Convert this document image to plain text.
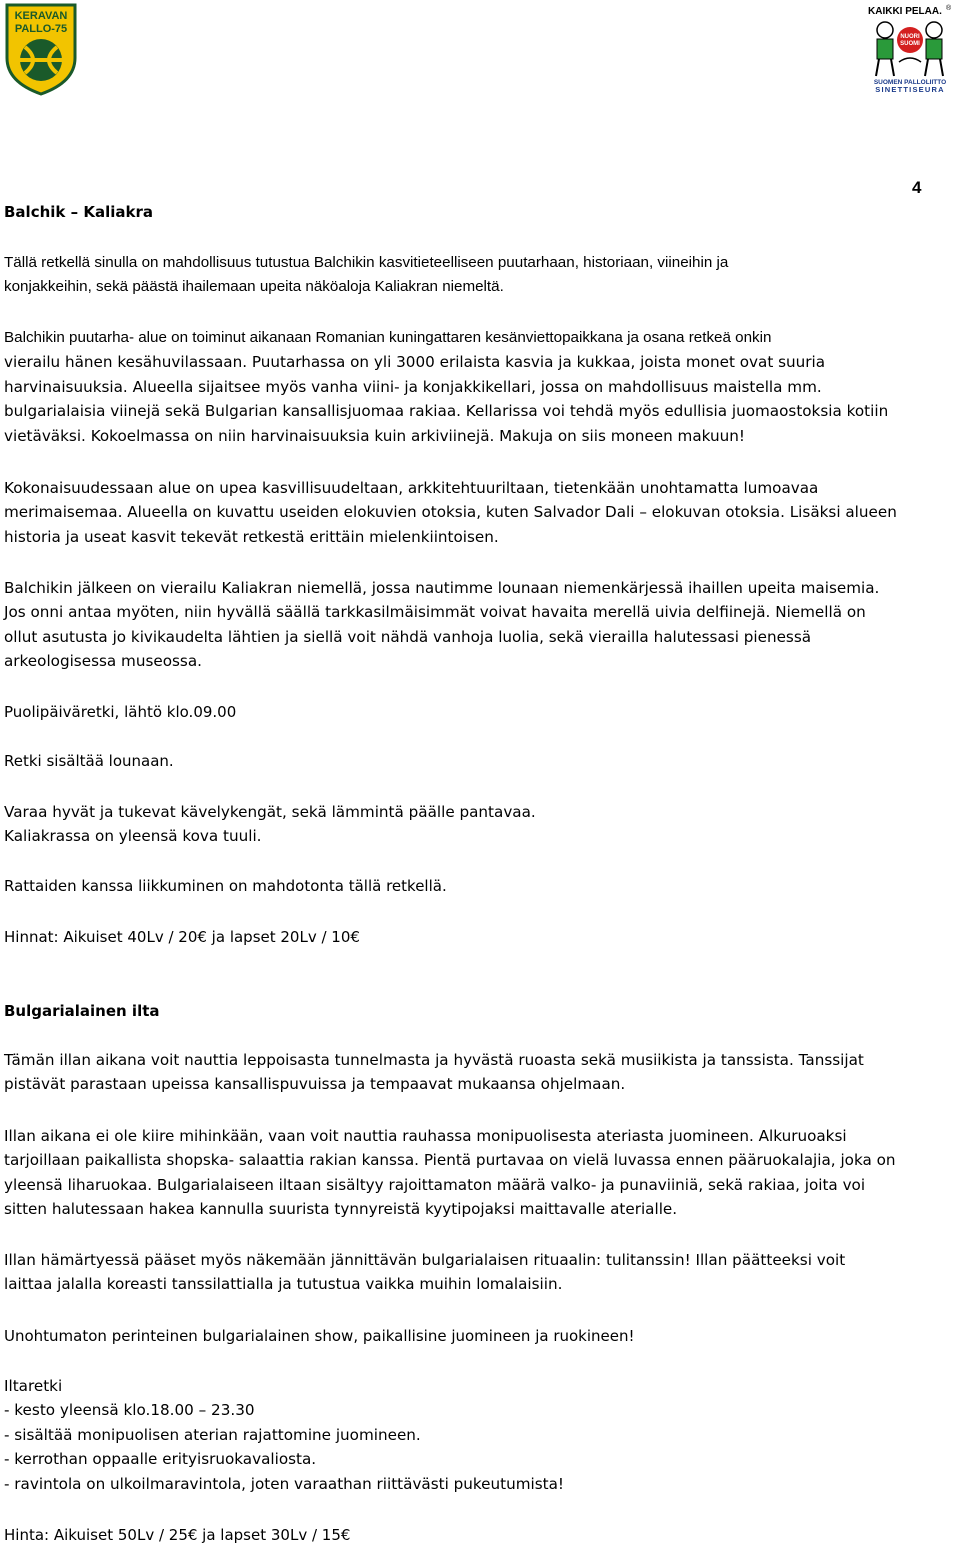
KERAVAN
PALLO-75
KAIKKI PELAA. ®
NUORI
SUOMI
SUOMEN PALLOLIITTO
SINETTISEURA
4
Balchik – Kaliakra
Tällä retkellä sinulla on mahdollisuus tutustua Balchikin kasvitieteelliseen puutarhaan, historiaan, viineihin ja
konjakkeihin, sekä päästä ihailemaan upeita näköaloja Kaliakran niemeltä.
Balchikin puutarha- alue on toiminut aikanaan Romanian kuningattaren kesänviettopaikkana ja osana retkeä onkin
vierailu hänen kesähuvilassaan. Puutarhassa on yli 3000 erilaista kasvia ja kukkaa, joista monet ovat suuria
harvinaisuuksia. Alueella sijaitsee myös vanha viini- ja konjakkikellari, jossa on mahdollisuus maistella mm.
bulgarialaisia viinejä sekä Bulgarian kansallisjuomaa rakiaa. Kellarissa voi tehdä myös edullisia juomaostoksia kotiin
vietäväksi. Kokoelmassa on niin harvinaisuuksia kuin arkiviinejä. Makuja on siis moneen makuun!
Kokonaisuudessaan alue on upea kasvillisuudeltaan, arkkitehtuuriltaan, tietenkään unohtamatta lumoavaa
merimaisemaa. Alueella on kuvattu useiden elokuvien otoksia, kuten Salvador Dali – elokuvan otoksia. Lisäksi alueen
historia ja useat kasvit tekevät retkestä erittäin mielenkiintoisen.
Balchikin jälkeen on vierailu Kaliakran niemellä, jossa nautimme lounaan niemenkärjessä ihaillen upeita maisemia.
Jos onni antaa myöten, niin hyvällä säällä tarkkasilmäisimmät voivat havaita merellä uivia delfiinejä. Niemellä on
ollut asutusta jo kivikaudelta lähtien ja siellä voit nähdä vanhoja luolia, sekä vierailla halutessasi pienessä
arkeologisessa museossa.
Puolipäiväretki, lähtö klo.09.00
Retki sisältää lounaan.
Varaa hyvät ja tukevat kävelykengät, sekä lämmintä päälle pantavaa.
Kaliakrassa on yleensä kova tuuli.
Rattaiden kanssa liikkuminen on mahdotonta tällä retkellä.
Hinnat: Aikuiset 40Lv / 20€ ja lapset 20Lv / 10€
Bulgarialainen ilta
Tämän illan aikana voit nauttia leppoisasta tunnelmasta ja hyvästä ruoasta sekä musiikista ja tanssista. Tanssijat
pistävät parastaan upeissa kansallispuvuissa ja tempaavat mukaansa ohjelmaan.
Illan aikana ei ole kiire mihinkään, vaan voit nauttia rauhassa monipuolisesta ateriasta juomineen. Alkuruoaksi
tarjoillaan paikallista shopska- salaattia rakian kanssa. Pientä purtavaa on vielä luvassa ennen pääruokalajia, joka on
yleensä liharuokaa. Bulgarialaiseen iltaan sisältyy rajoittamaton määrä valko- ja punaviiniä, sekä rakiaa, joita voi
sitten halutessaan hakea kannulla suurista tynnyreistä kyytipojaksi maittavalle aterialle.
Illan hämärtyessä pääset myös näkemään jännittävän bulgarialaisen rituaalin: tulitanssin! Illan päätteeksi voit
laittaa jalalla koreasti tanssilattialla ja tutustua vaikka muihin lomalaisiin.
Unohtumaton perinteinen bulgarialainen show, paikallisine juomineen ja ruokineen!
Iltaretki
- kesto yleensä klo.18.00 – 23.30
- sisältää monipuolisen aterian rajattomine juomineen.
- kerrothan oppaalle erityisruokavaliosta.
- ravintola on ulkoilmaravintola, joten varaathan riittävästi pukeutumista!
Hinta: Aikuiset 50Lv / 25€ ja lapset 30Lv / 15€
